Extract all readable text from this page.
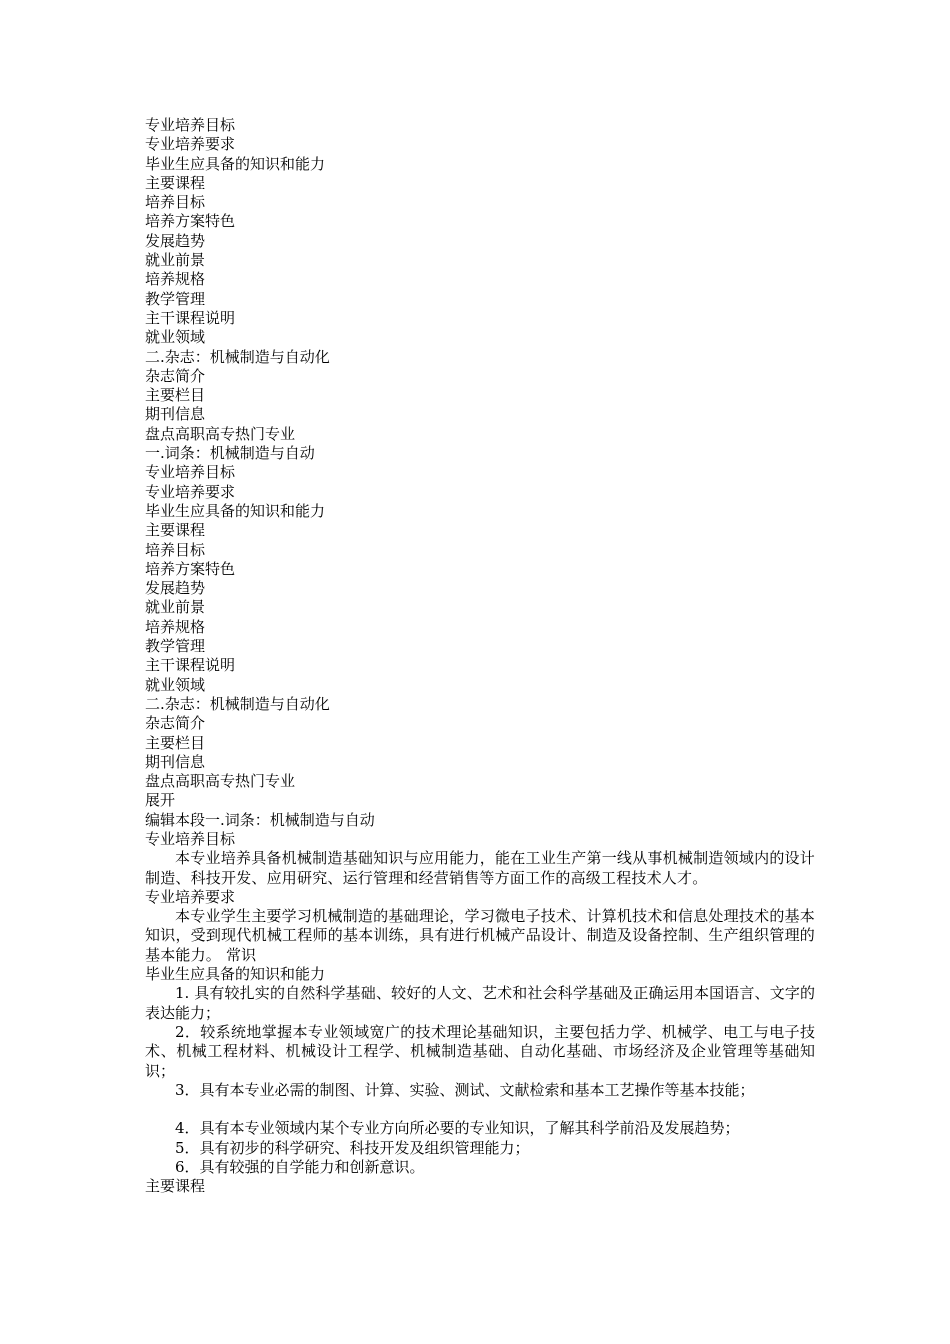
专业培养目标
专业培养要求
毕业生应具备的知识和能力
主要课程
培养目标
培养方案特色
发展趋势
就业前景
培养规格
教学管理
主干课程说明
就业领域
二.杂志：机械制造与自动化
杂志简介
主要栏目
期刊信息
盘点高职高专热门专业
一.词条：机械制造与自动
专业培养目标
专业培养要求
毕业生应具备的知识和能力
主要课程
培养目标
培养方案特色
发展趋势
就业前景
培养规格
教学管理
主干课程说明
就业领域
二.杂志：机械制造与自动化
杂志简介
主要栏目
期刊信息
盘点高职高专热门专业
展开
编辑本段一.词条：机械制造与自动
专业培养目标
本专业培养具备机械制造基础知识与应用能力，能在工业生产第一线从事机械制造领域内的设计制造、科技开发、应用研究、运行管理和经营销售等方面工作的高级工程技术人才。
专业培养要求
本专业学生主要学习机械制造的基础理论，学习微电子技术、计算机技术和信息处理技术的基本知识，受到现代机械工程师的基本训练，具有进行机械产品设计、制造及设备控制、生产组织管理的基本能力。 常识
毕业生应具备的知识和能力
1. 具有较扎实的自然科学基础、较好的人文、艺术和社会科学基础及正确运用本国语言、文字的表达能力；
2．较系统地掌握本专业领域宽广的技术理论基础知识，主要包括力学、机械学、电工与电子技术、机械工程材料、机械设计工程学、机械制造基础、自动化基础、市场经济及企业管理等基础知识；
3．具有本专业必需的制图、计算、实验、测试、文献检索和基本工艺操作等基本技能；
4．具有本专业领域内某个专业方向所必要的专业知识，了解其科学前沿及发展趋势；
5．具有初步的科学研究、科技开发及组织管理能力；
6．具有较强的自学能力和创新意识。
主要课程
